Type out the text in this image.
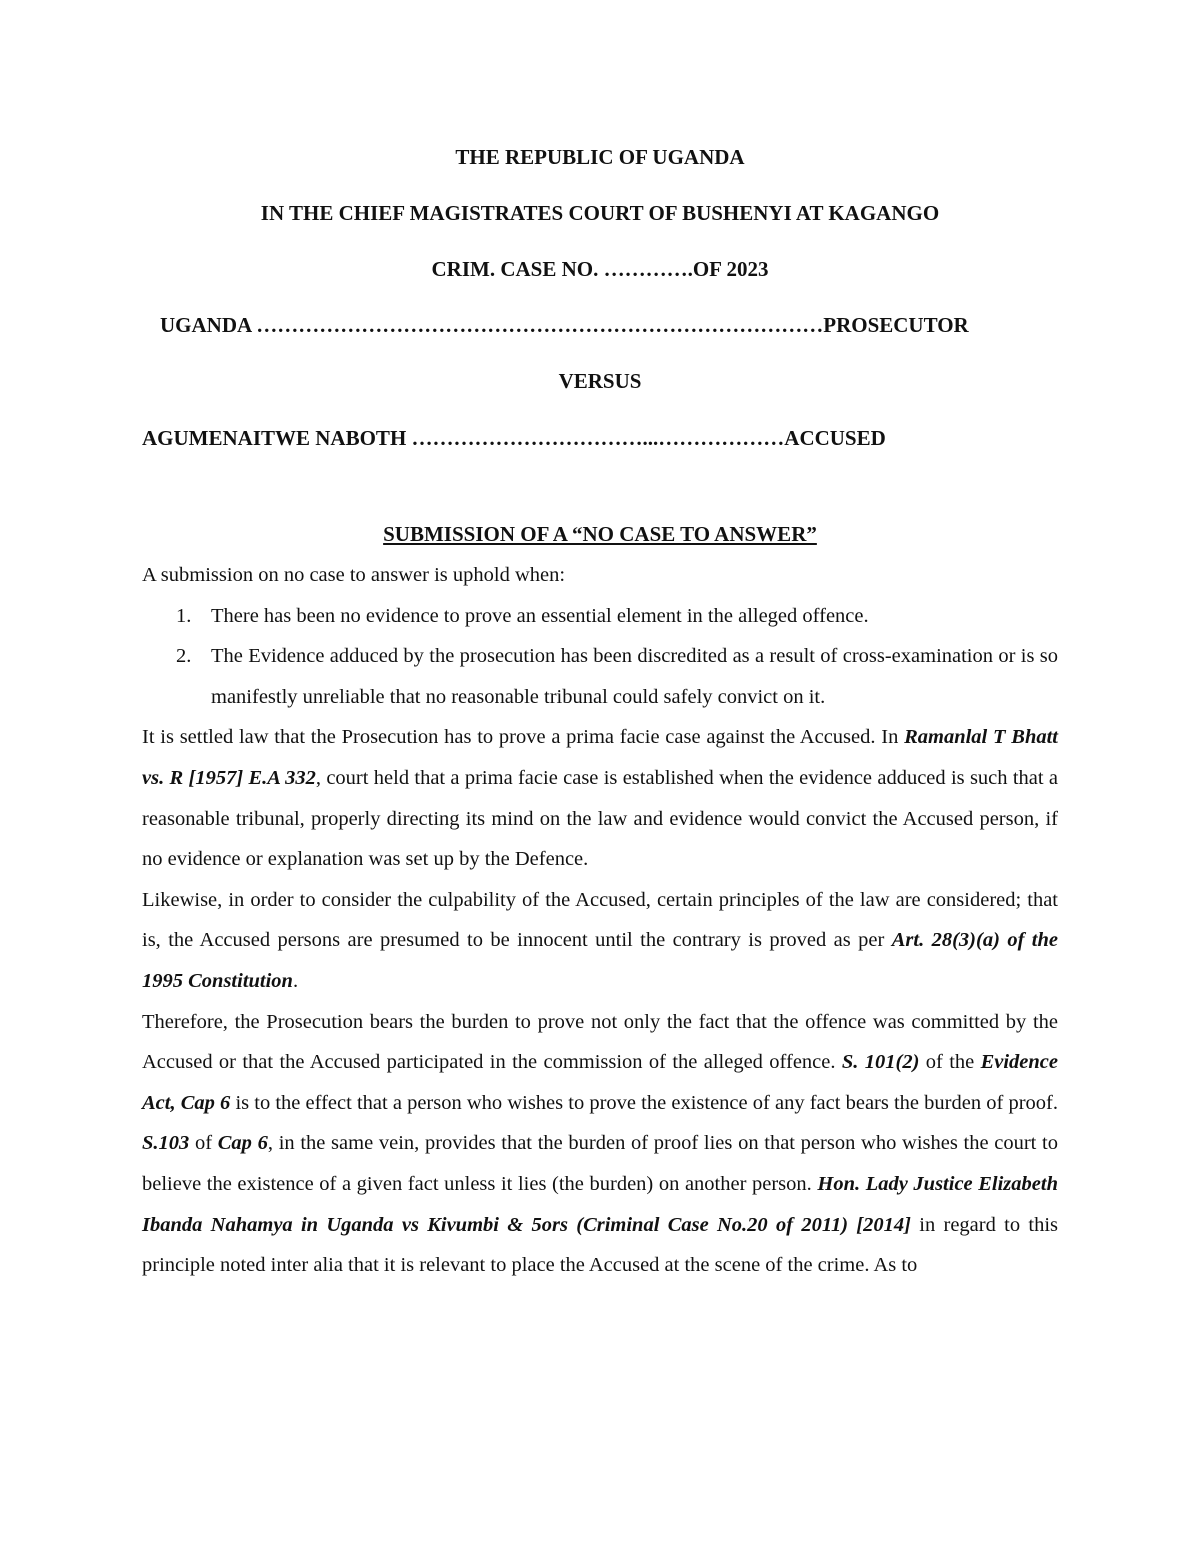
THE REPUBLIC OF UGANDA
IN THE CHIEF MAGISTRATES COURT OF BUSHENYI AT KAGANGO
CRIM. CASE NO. ………….OF 2023
UGANDA ………………………………………………………………………PROSECUTOR
VERSUS
AGUMENAITWE NABOTH ……………………………...………………ACCUSED
SUBMISSION OF A “NO CASE TO ANSWER”

A submission on no case to answer is uphold when:

1. There has been no evidence to prove an essential element in the alleged offence.
2. The Evidence adduced by the prosecution has been discredited as a result of cross-examination or is so manifestly unreliable that no reasonable tribunal could safely convict on it.

It is settled law that the Prosecution has to prove a prima facie case against the Accused. In Ramanlal T Bhatt vs. R [1957] E.A 332, court held that a prima facie case is established when the evidence adduced is such that a reasonable tribunal, properly directing its mind on the law and evidence would convict the Accused person, if no evidence or explanation was set up by the Defence.

Likewise, in order to consider the culpability of the Accused, certain principles of the law are considered; that is, the Accused persons are presumed to be innocent until the contrary is proved as per Art. 28(3)(a) of the 1995 Constitution.

Therefore, the Prosecution bears the burden to prove not only the fact that the offence was committed by the Accused or that the Accused participated in the commission of the alleged offence. S. 101(2) of the Evidence Act, Cap 6 is to the effect that a person who wishes to prove the existence of any fact bears the burden of proof. S.103 of Cap 6, in the same vein, provides that the burden of proof lies on that person who wishes the court to believe the existence of a given fact unless it lies (the burden) on another person. Hon. Lady Justice Elizabeth Ibanda Nahamya in Uganda vs Kivumbi & 5ors (Criminal Case No.20 of 2011) [2014] in regard to this principle noted inter alia that it is relevant to place the Accused at the scene of the crime. As to
